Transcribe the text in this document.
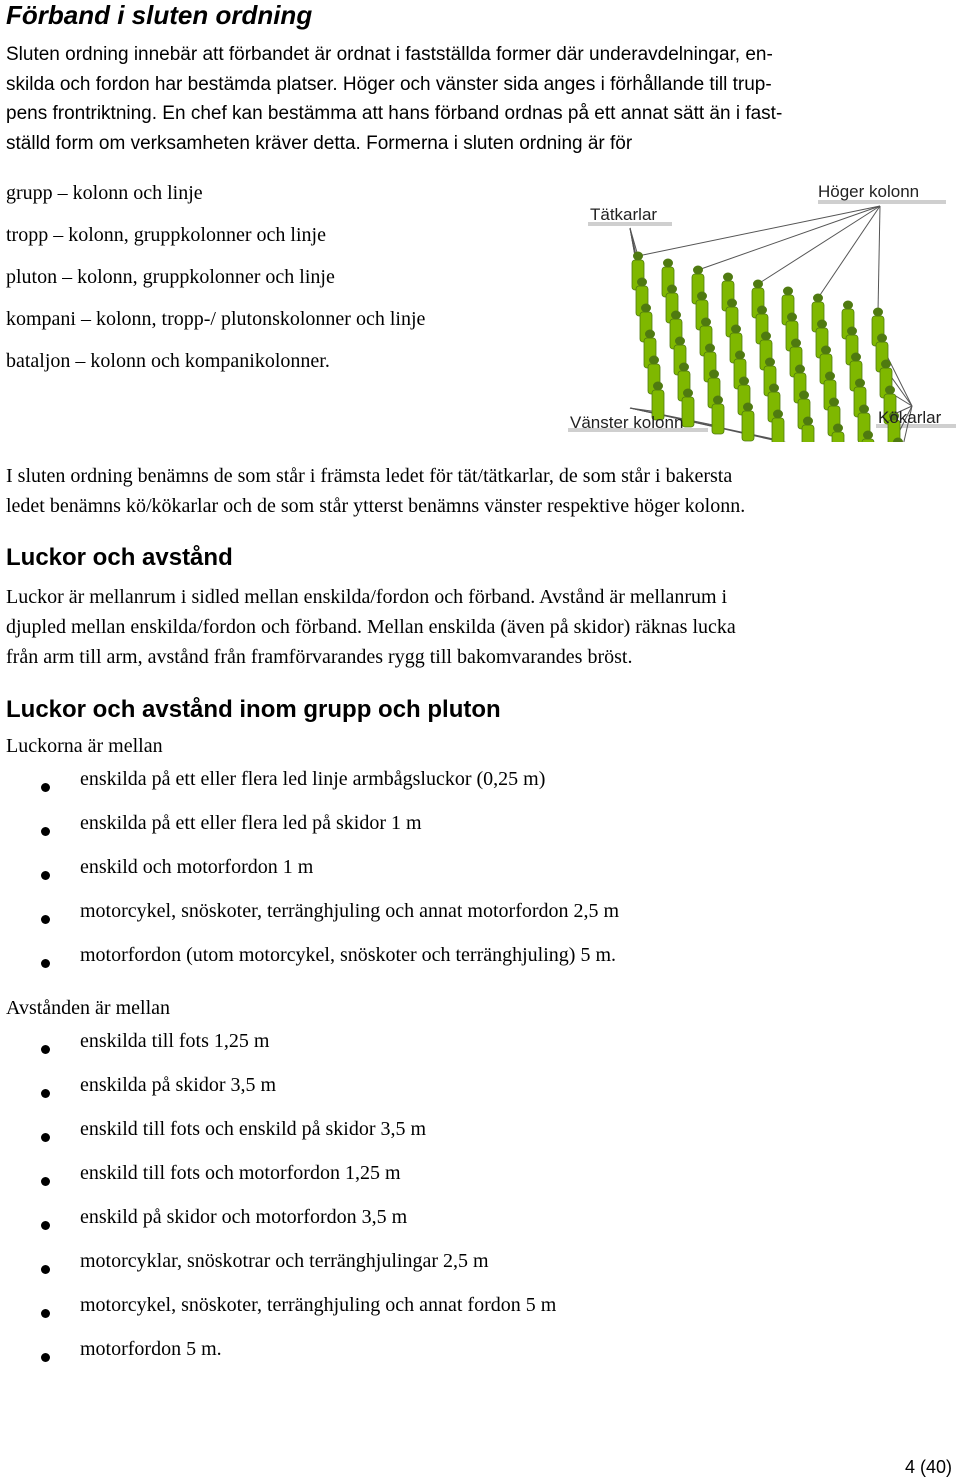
Förband i sluten ordning
Sluten ordning innebär att förbandet är ordnat i fastställda former där underavdelningar, en-
skilda och fordon har bestämda platser. Höger och vänster sida anges i förhållande till trup-
pens frontriktning. En chef kan bestämma att hans förband ordnas på ett annat sätt än i fast-
ställd form om verksamheten kräver detta. Formerna i sluten ordning är för
grupp – kolonn och linje
tropp – kolonn, gruppkolonner och linje
pluton – kolonn, gruppkolonner och linje
kompani – kolonn, tropp-/ plutonskolonner och linje
bataljon – kolonn och kompanikolonner.
Höger kolonn
Tätkarlar
Vänster kolonn	Kökarlar
I sluten ordning benämns de som står i främsta ledet för tät/tätkarlar, de som står i bakersta
ledet benämns kö/kökarlar och de som står ytterst benämns vänster respektive höger kolonn.
Luckor och avstånd
Luckor är mellanrum i sidled mellan enskilda/fordon och förband. Avstånd är mellanrum i
djupled mellan enskilda/fordon och förband. Mellan enskilda (även på skidor) räknas lucka
från arm till arm, avstånd från framförvarandes rygg till bakomvarandes bröst.
Luckor och avstånd inom grupp och pluton
Luckorna är mellan
enskilda på ett eller flera led linje armbågsluckor (0,25 m)
enskilda på ett eller flera led på skidor 1 m
enskild och motorfordon 1 m
motorcykel, snöskoter, terränghjuling och annat motorfordon 2,5 m
motorfordon (utom motorcykel, snöskoter och terränghjuling) 5 m.
Avstånden är mellan
enskilda till fots 1,25 m
enskilda på skidor 3,5 m
enskild till fots och enskild på skidor 3,5 m
enskild till fots och motorfordon 1,25 m
enskild på skidor och motorfordon 3,5 m
motorcyklar, snöskotrar och terränghjulingar 2,5 m
motorcykel, snöskoter, terränghjuling och annat fordon 5 m
motorfordon 5 m.
4 (40)
